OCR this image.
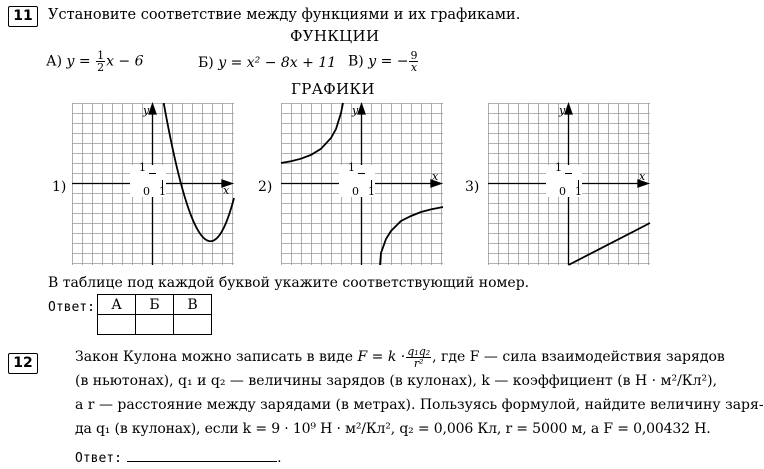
11	Установите соответствие между функциями и их графиками.
ФУНКЦИИ
А) $y = \frac{1}{2}$ x − 6	Б) y = x² − 8x + 11 В) y = − $\frac{9}{x}$
ГРАФИКИ
1)	2)	3)
1
0 1	x
y
1
0 1
x
y
1
0 1
x
y
В таблице под каждой буквой укажите соответствующий номер.
Ответ: А	Б	В

12	Закон Кулона можно записать в виде $F = k \cdot \frac{\text{q₁q₂}}{\text{r²}}$ , где F — сила взаимодействия зарядов
(в ньютонах), q₁ и q₂ — величины зарядов (в кулонах), k — коэффициент (в Н · м²/Кл²),
а r — расстояние между зарядами (в метрах). Пользуясь формулой, найдите величину заря-
да q₁ (в кулонах), если k = 9 · 10⁹ Н · м²/Кл², q₂ = 0,006 Кл, r = 5000 м, а F = 0,00432 Н.
Ответ:	.
